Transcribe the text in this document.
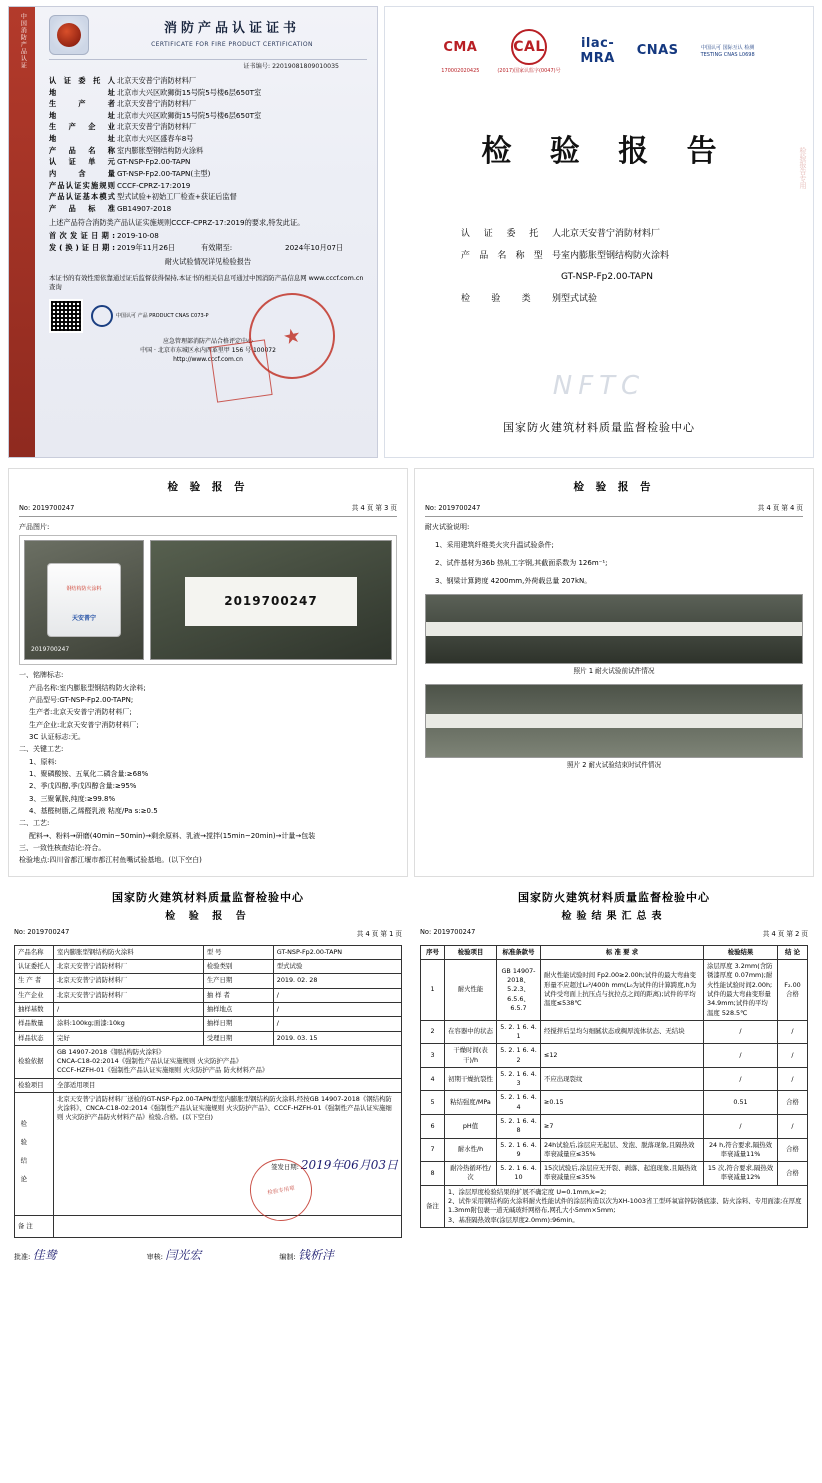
中国消防产品认证	消防产品认证证书
CERTIFICATE FOR FIRE PRODUCT CERTIFICATION
证书编号: 22019081809010035
认证委托人 北京天安普宁消防材料厂
地 址 北京市大兴区欧狮街15号院5号楼6层650T室
生 产 者 北京天安普宁消防材料厂
地 址 北京市大兴区欧狮街15号院5号楼6层650T室
生产企业 北京天安普宁消防材料厂
地 址 北京市大兴区盛春车8号
产品名称 室内膨胀型钢结构防火涂料
认证单元 GT-NSP-Fp2.00-TAPN
内含量 GT-NSP-Fp2.00-TAPN(主型)
产品认证实施规则 CCCF-CPRZ-17:2019
产品认证基本模式 型式试验+初始工厂检查+获证后监督
产 品 标 准 GB14907-2018
上述产品符合消防类产品认证实施规则CCCF-CPRZ-17:2019的要求,特发此证。
首次发证日期: 2019-10-08
发(换)证日期: 2019年11月26日	有效期至:	2024年10月07日
耐火试验情况详见检验报告
本证书的有效性需依靠通过证后监督获得保持,本证书的相关信息可通过中国消防产品信息网 www.cccf.com.cn 查询
中国认可 产品 PRODUCT CNAS C073-P
★
应急管理部消防产品合格评定中心
中国 · 北京市东城区永内西革里甲 156 号 100072
http://www.cccf.com.cn
CMA
170002020425
CAL
(2017)国家认监字(0047)号
ilac-MRA	CNAS	中国认可 国际互认 检测 TESTING CNAS L0698
检 验 报 告
认证委托人 北京天安普宁消防材料厂
产品名称型号 室内膨胀型钢结构防火涂料
GT-NSP-Fp2.00-TAPN
检 验 类 别 型式试验
检验报告专用
NFTC
国家防火建筑材料质量监督检验中心
检 验 报 告
No: 2019700247	共 4 页 第 3 页
产品图片:
钢结构防火涂料
天安普宁
2019700247
2019700247

一、铭牌标志:

产品名称:室内膨胀型钢结构防火涂料;

产品型号:GT-NSP-Fp2.00-TAPN;

生产者:北京天安普宁消防材料厂;

生产企业:北京天安普宁消防材料厂;

3C 认证标志:无。

二、关键工艺:

1、原料:

1、聚磷酸铵、五氧化二磷含量:≥68%

2、季戊四醇,季戊四醇含量:≥95%

3、三聚氰胺,纯度:≥99.8%

4、基醛树脂,乙烯醛乳液 粘度/Pa s:≥0.5

二、工艺:

配料→、粉料→研磨(40min~50min)→剩余原料、乳液→搅拌(15min~20min)→计量→包装

三、一致性核查结论:符合。

检验地点:四川省都江堰市都江村鱼嘴试验基地。(以下空白)

检 验 报 告
No: 2019700247	共 4 页 第 4 页
耐火试验说明:

1、采用建筑纤维类火灾升温试验条件;

2、试件基材为36b 热轧工字钢,其截面系数为 126m⁻¹;

3、钢梁计算跨度 4200mm,外荷载总量 207kN。

照片 1 耐火试验前试件情况
照片 2 耐火试验结束时试件情况
国家防火建筑材料质量监督检验中心
检 验 报 告
No: 2019700247	共 4 页 第 1 页
产品名称	室内膨胀型钢结构防火涂料	型 号	GT-NSP-Fp2.00-TAPN
认证委托人	北京天安普宁消防材料厂	检验类别	型式试验
生 产 者	北京天安普宁消防材料厂	生产日期	2019. 02. 28
生产企业	北京天安普宁消防材料厂	抽 样 者	/
抽样基数	/	抽样地点	/
样品数量	涂料:100kg;面漆:10kg	抽样日期	/
样品状态	完好	受理日期	2019. 03. 15
检验依据	GB 14907-2018《钢结构防火涂料》
CNCA-C18-02:2014《强制性产品认证实施规则 火灾防护产品》
CCCF-HZFH-01《强制性产品认证实施细则 火灾防护产品 防火材料产品》		

检验项目	全部适用项目		
检 验 结 论	北京天安普宁消防材料厂送检的GT-NSP-Fp2.00-TAPN型室内膨胀型钢结构防火涂料,经按GB 14907-2018《钢结构防火涂料》、CNCA-C18-02:2014《强制性产品认证实施规则 火灾防护产品》、CCCF-HZFH-01《强制性产品认证实施细则 火灾防护产品防火材料产品》检验,合格。(以下空白)
检验专用章
签发日期: 2019年06月03日		

备 注			
批准: 佳鸯	审核: 闫光宏	编制: 钱析沣
国家防火建筑材料质量监督检验中心
检验结果汇总表
No: 2019700247	共 4 页 第 2 页
序号	检验项目	标准条款号	标 准 要 求	检验结果	结 论
1	耐火性能	GB 14907-2018、5.2.3、6.5.6、6.5.7	耐火性能试验时间 Fp2.00≥2.00h;试件的最大弯曲变形量不应超过L₀²/400h mm(L₀为试件的计算跨度,h为试件受弯面上抗压点与抗拉点之间的距离);试件的平均温度≤538℃	涂层厚度 3.2mm(含防锈漆厚度 0.07mm);耐火性能试验时间2.00h;试件的最大弯曲变形量 34.9mm;试件的平均温度 528.5℃	F₂.00 合格
2	在容器中的状态	5. 2. 1 6. 4. 1	经搅拌后呈均匀细腻状态或稠厚流体状态、无结块	/	/
3	干燥时间(表干)/h	5. 2. 1 6. 4. 2	≤12	/	/
4	初期干燥抗裂性	5. 2. 1 6. 4. 3	不应出现裂纹	/	/
5	粘结强度/MPa	5. 2. 1 6. 4. 4	≥0.15	0.51	合格
6	pH值	5. 2. 1 6. 4. 8	≥7	/	/
7	耐水性/h	5. 2. 1 6. 4. 9	24h试验后,涂层应无起层、发泡、脱落现象,且隔热效率衰减量应≤35%	24 h,符合要求,隔热效率衰减量11%	合格
8	耐冷热循环性/次	5. 2. 1 6. 4. 10	15次试验后,涂层应无开裂、剥落、起泡现象,且隔热效率衰减量应≤35%	15 次,符合要求,隔热效率衰减量12%	合格
备注	1、涂层厚度检验结果的扩展不确定度 U=0.1mm,k=2;
2、试件采用钢结构防火涂料耐火性能试件的涂层构造以次为XH-1003省工型环氧富锌防锈底漆、防火涂料、专用面漆;在厚度1.3mm附包裹一道无碱玻纤网格布,网孔大小5mm×5mm;
3、基准隔热效率(涂层厚度2.0mm):96min。				
